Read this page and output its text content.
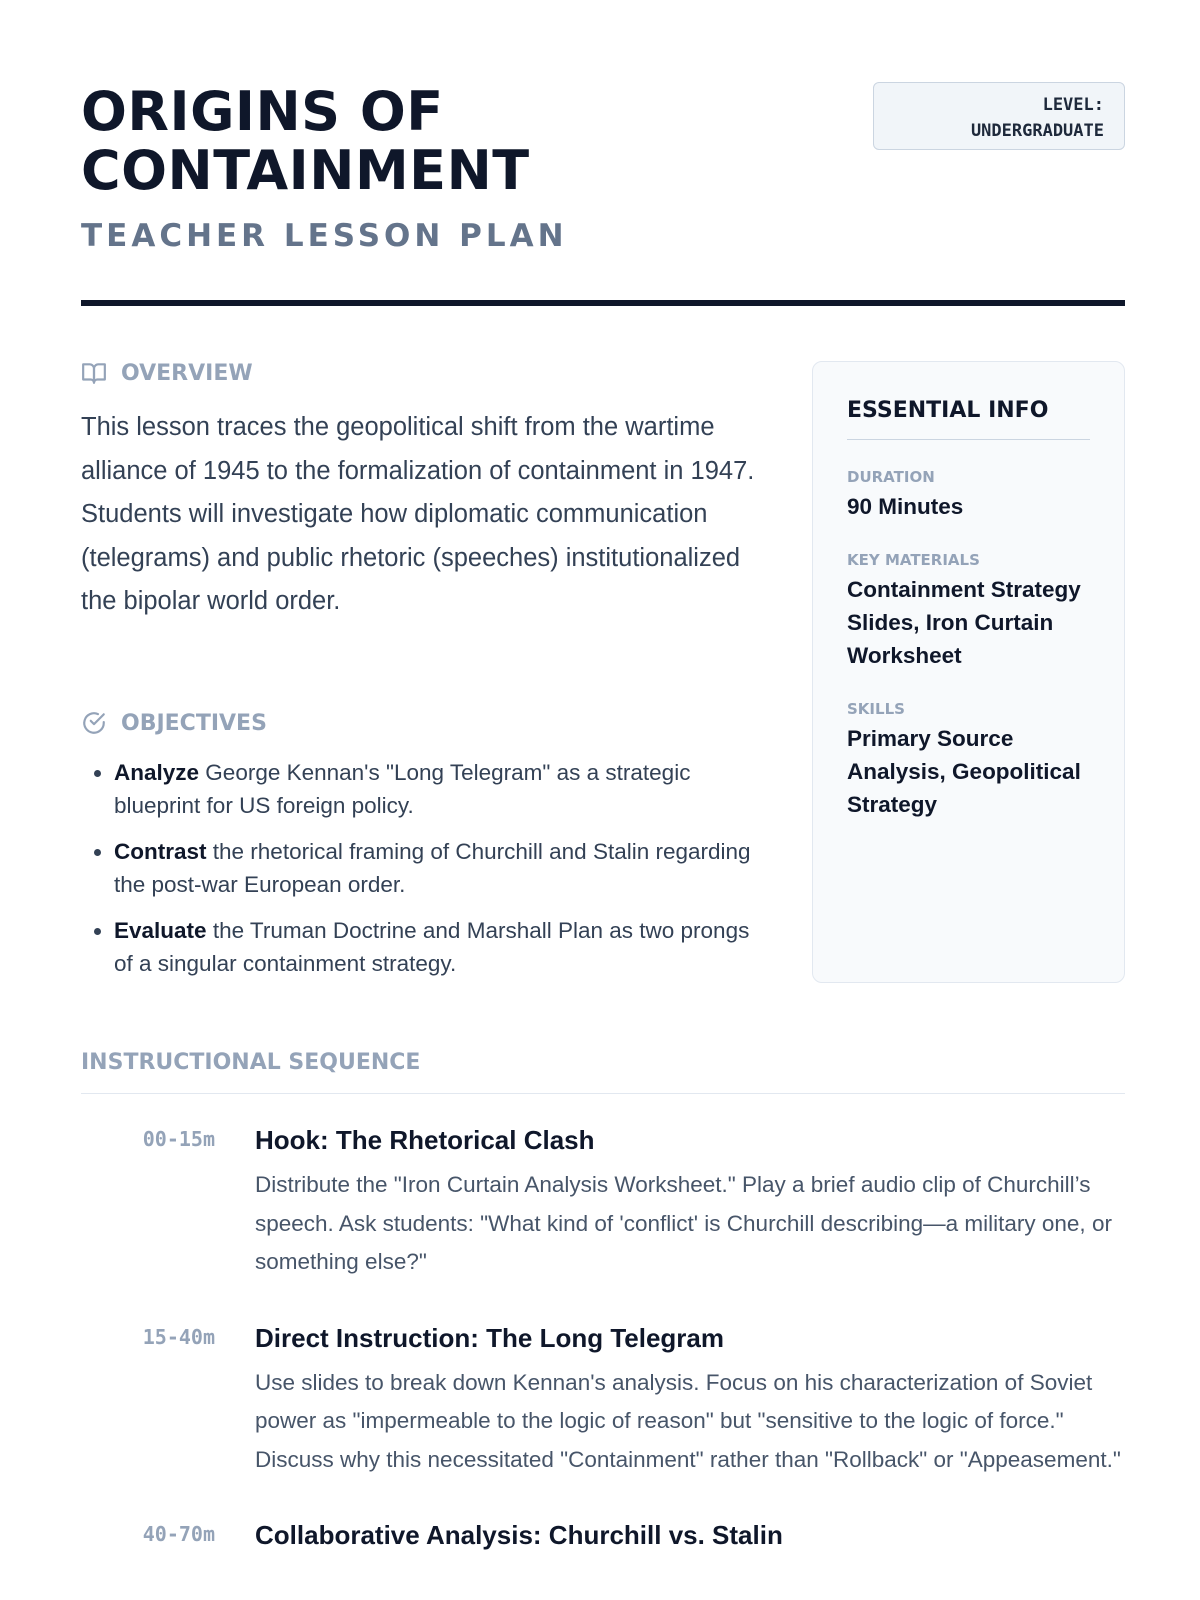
ORIGINS OF
CONTAINMENT
TEACHER LESSON PLAN
LEVEL:
UNDERGRADUATE
OVERVIEW

This lesson traces the geopolitical shift from the wartime alliance of 1945 to the formalization of containment in 1947. Students will investigate how diplomatic communication (telegrams) and public rhetoric (speeches) institutionalized the bipolar world order.

OBJECTIVES
• Analyze George Kennan's "Long Telegram" as a strategic blueprint for US foreign policy.
• Contrast the rhetorical framing of Churchill and Stalin regarding the post-war European order.
• Evaluate the Truman Doctrine and Marshall Plan as two prongs of a singular containment strategy.
ESSENTIAL INFO
DURATION
90 Minutes
KEY MATERIALS
Containment Strategy Slides, Iron Curtain Worksheet
SKILLS
Primary Source Analysis, Geopolitical Strategy
INSTRUCTIONAL SEQUENCE
00-15m Hook: The Rhetorical Clash

Distribute the "Iron Curtain Analysis Worksheet." Play a brief audio clip of Churchill’s speech. Ask students: "What kind of 'conflict' is Churchill describing—a military one, or something else?"

15-40m Direct Instruction: The Long Telegram

Use slides to break down Kennan's analysis. Focus on his characterization of Soviet power as "impermeable to the logic of reason" but "sensitive to the logic of force." Discuss why this necessitated "Containment" rather than "Rollback" or "Appeasement."

40-70m Collaborative Analysis: Churchill vs. Stalin
